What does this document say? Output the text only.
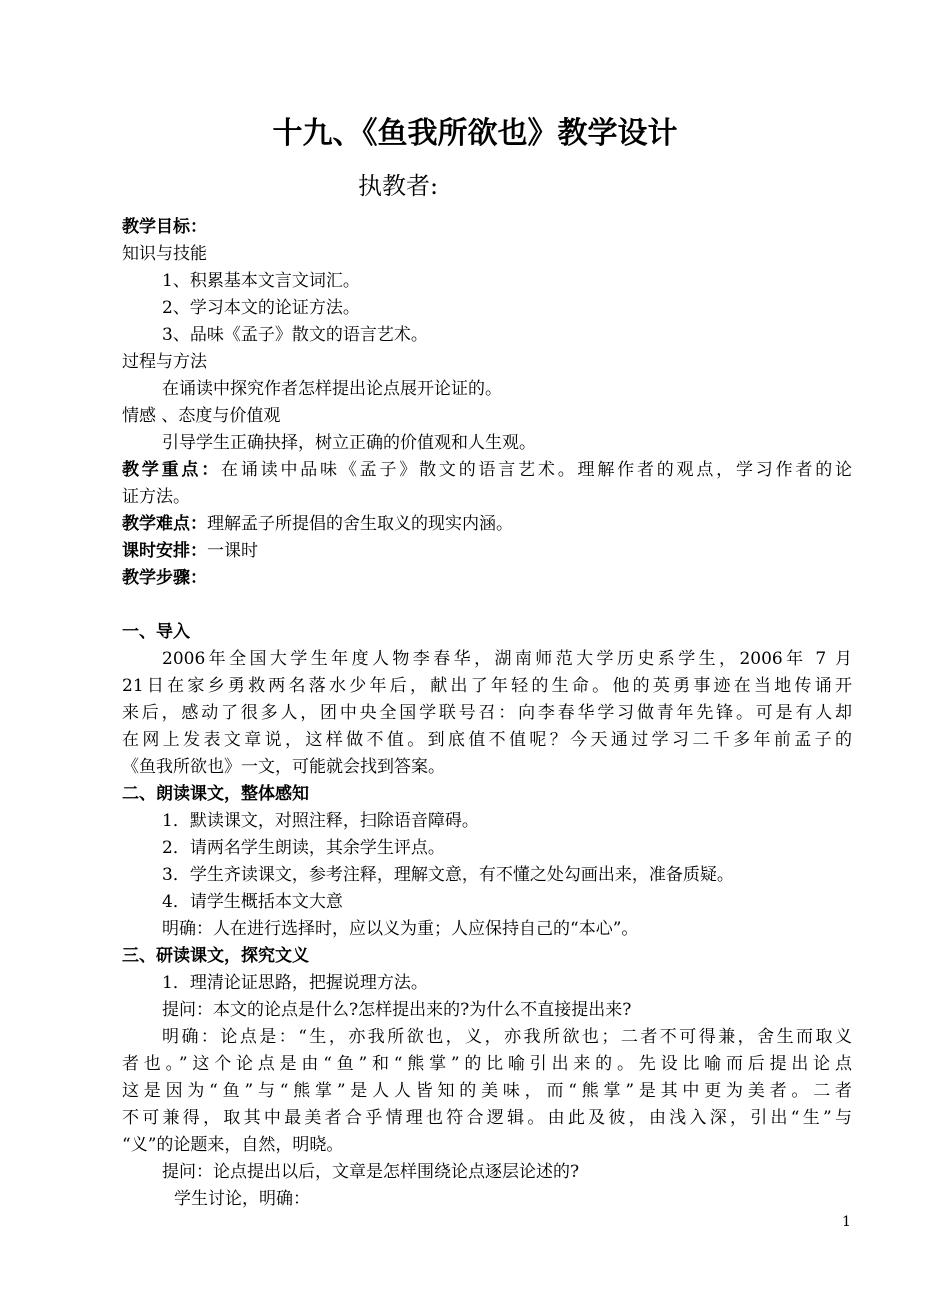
十九、《鱼我所欲也》教学设计
执教者:
教学目标：
知识与技能
1、积累基本文言文词汇。
2、学习本文的论证方法。
3、品味《孟子》散文的语言艺术。
过程与方法
在诵读中探究作者怎样提出论点展开论证的。
情感 、态度与价值观
引导学生正确抉择，树立正确的价值观和人生观。
教学重点：在诵读中品味《孟子》散文的语言艺术。理解作者的观点，学习作者的论
证方法。
教学难点：理解孟子所提倡的舍生取义的现实内涵。
课时安排：一课时
教学步骤：
一、导入
2006年全国大学生年度人物李春华，湖南师范大学历史系学生，2006年 7 月
21日在家乡勇救两名落水少年后，献出了年轻的生命。他的英勇事迹在当地传诵开
来后，感动了很多人，团中央全国学联号召：向李春华学习做青年先锋。可是有人却
在网上发表文章说，这样做不值。到底值不值呢？今天通过学习二千多年前孟子的
《鱼我所欲也》一文，可能就会找到答案。
二、朗读课文，整体感知
1．默读课文，对照注释，扫除语音障碍。
2．请两名学生朗读，其余学生评点。
3．学生齐读课文，参考注释，理解文意，有不懂之处勾画出来，准备质疑。
4．请学生概括本文大意
明确：人在进行选择时，应以义为重；人应保持自己的“本心”。
三、研读课文，探究文义
1．理清论证思路，把握说理方法。
提问：本文的论点是什么?怎样提出来的?为什么不直接提出来?
明确：论点是：“生，亦我所欲也，义，亦我所欲也；二者不可得兼，舍生而取义
者也。”这个论点是由“鱼”和“熊掌”的比喻引出来的。先设比喻而后提出论点
这是因为“鱼”与“熊掌”是人人皆知的美味，而“熊掌”是其中更为美者。二者
不可兼得，取其中最美者合乎情理也符合逻辑。由此及彼，由浅入深，引出“生”与
“义”的论题来，自然，明晓。
提问：论点提出以后，文章是怎样围绕论点逐层论述的?
学生讨论，明确：
1
